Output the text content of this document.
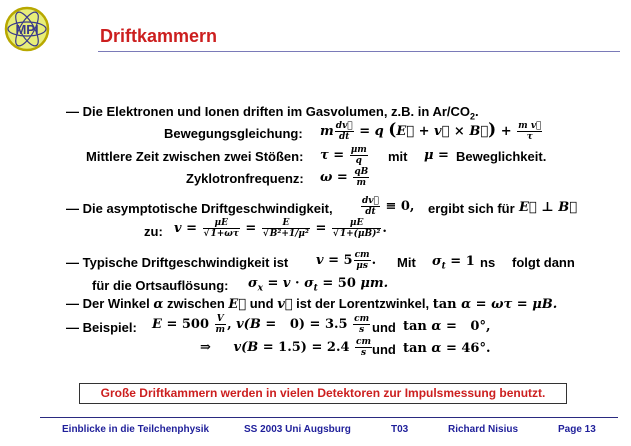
MPI	Driftkammern
— Die Elektronen und Ionen driften im Gasvolumen, z.B. in $Ar/CO_2$.
Bewegungsgleichung: m $\frac{dv⃗}{dt} = q$ (E⃗ + v⃗ × B⃗) + $\frac{\text{m v⃗}}{\tau}$
Mittlere Zeit zwischen zwei Stößen: $\tau = \frac{\mu m}{q}$ mit μ = Beweglichkeit.
Zyklotronfrequenz: $\omega = \frac{qB}{m}$
— Die asymptotische Driftgeschwindigkeit,	$\frac{dv⃗}{dt} \equiv 0$, ergibt sich für E⃗ ⊥ B⃗
zu: $v = \frac{\mu E}{√1+\omega\tau} = \frac{E}{\text{√B²+1/μ²}} = \frac{\mu E}{\text{√1+(μB)²}}$ .
— Typische Driftgeschwindigkeit ist $v = 5 \frac{cm}{\mu s}$ . Mit $\sigma_t = 1$ ns folgt dann
für die Ortsauflösung: $\sigma_x = v \cdot \sigma_t = 50$ μm.
— Der Winkel α zwischen E⃗ und v⃗ ist der Lorentzwinkel, tan α = ωτ = μB.
— Beispiel: $E = 500 \frac{V}{m}$ , $v(B = 0) = 3.5 \frac{cm}{s}$ und tan α =   0°,
⇒     $v(B = 1.5) = 2.4 \frac{cm}{s}$ und tan α = 46°.
Große Driftkammern werden in vielen Detektoren zur Impulsmessung benutzt.
Einblicke in die Teilchenphysik	SS 2003 Uni Augsburg	T03	Richard Nisius	Page 13
